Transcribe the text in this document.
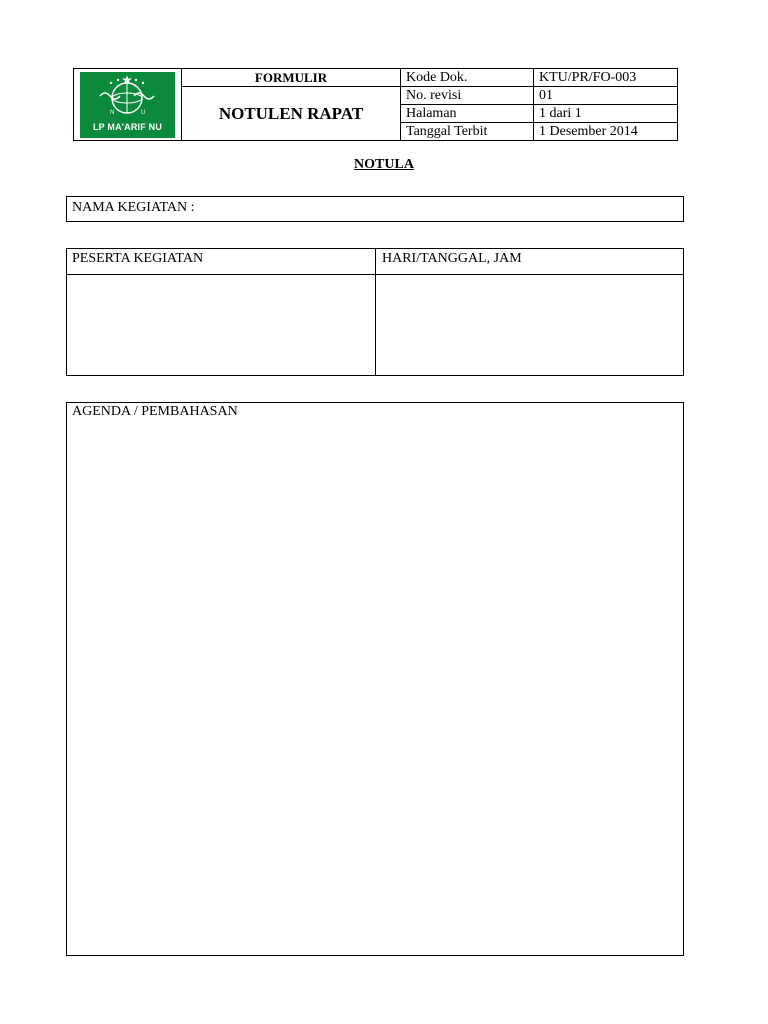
N U
LP MA'ARIF NU	FORMULIR	Kode Dok.	KTU/PR/FO-003
	NOTULEN RAPAT	No. revisi	01
		Halaman	1 dari 1
		Tanggal Terbit	1 Desember 2014
NOTULA
NAMA KEGIATAN :
PESERTA KEGIATAN	HARI/TANGGAL, JAM
AGENDA / PEMBAHASAN
